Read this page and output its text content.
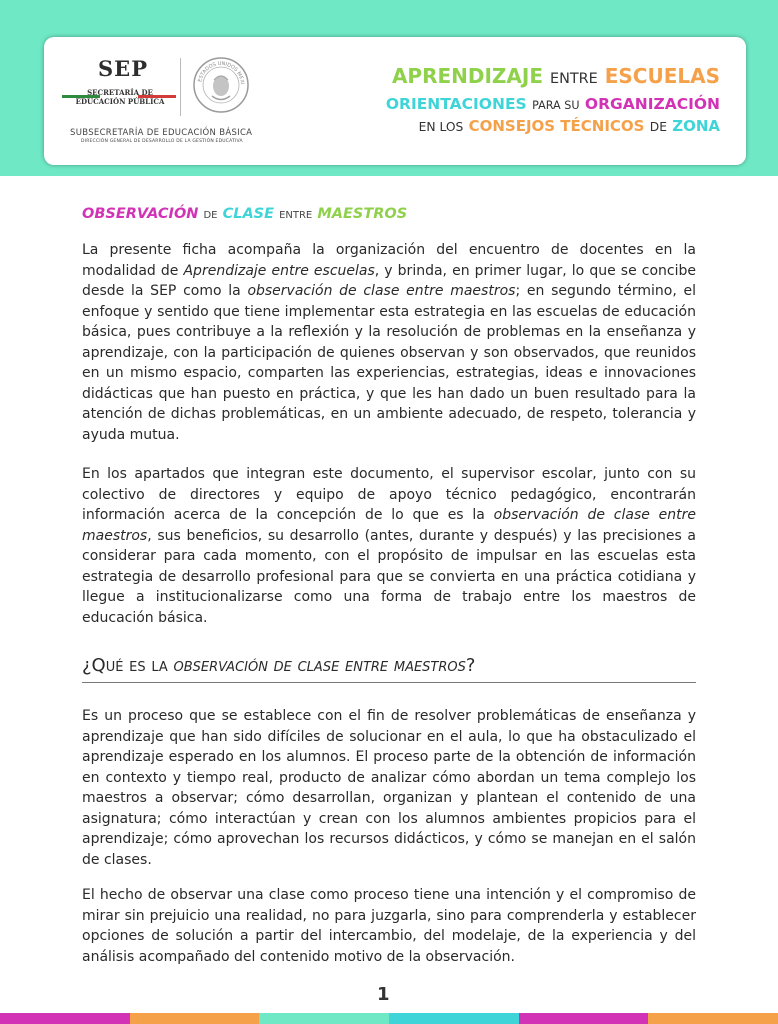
SEP
SECRETARÍA DE
EDUCACIÓN PÚBLICA
ESTADOS UNIDOS MEXI
SUBSECRETARÍA DE EDUCACIÓN BÁSICA
DIRECCIÓN GENERAL DE DESARROLLO DE LA GESTIÓN EDUCATIVA
APRENDIZAJE ENTRE ESCUELAS
ORIENTACIONES PARA SU ORGANIZACIÓN
EN LOS CONSEJOS TÉCNICOS DE ZONA
OBSERVACIÓN DE CLASE ENTRE MAESTROS

La presente ficha acompaña la organización del encuentro de docentes en la modalidad de Aprendizaje entre escuelas, y brinda, en primer lugar, lo que se concibe desde la SEP como la observación de clase entre maestros; en segundo término, el enfoque y sentido que tiene implementar esta estrategia en las escuelas de educación básica, pues contribuye a la reflexión y la resolución de problemas en la enseñanza y aprendizaje, con la participación de quienes observan y son observados, que reunidos en un mismo espacio, comparten las experiencias, estrategias, ideas e innovaciones didácticas que han puesto en práctica, y que les han dado un buen resultado para la atención de dichas problemáticas, en un ambiente adecuado, de respeto, tolerancia y ayuda mutua.

En los apartados que integran este documento, el supervisor escolar, junto con su colectivo de directores y equipo de apoyo técnico pedagógico, encontrarán información acerca de la concepción de lo que es la observación de clase entre maestros, sus beneficios, su desarrollo (antes, durante y después) y las precisiones a considerar para cada momento, con el propósito de impulsar en las escuelas esta estrategia de desarrollo profesional para que se convierta en una práctica cotidiana y llegue a institucionalizarse como una forma de trabajo entre los maestros de educación básica.

¿Qué es la observación de clase entre maestros?

Es un proceso que se establece con el fin de resolver problemáticas de enseñanza y aprendizaje que han sido difíciles de solucionar en el aula, lo que ha obstaculizado el aprendizaje esperado en los alumnos. El proceso parte de la obtención de información en contexto y tiempo real, producto de analizar cómo abordan un tema complejo los maestros a observar; cómo desarrollan, organizan y plantean el contenido de una asignatura; cómo interactúan y crean con los alumnos ambientes propicios para el aprendizaje; cómo aprovechan los recursos didácticos, y cómo se manejan en el salón de clases.

El hecho de observar una clase como proceso tiene una intención y el compromiso de mirar sin prejuicio una realidad, no para juzgarla, sino para comprenderla y establecer opciones de solución a partir del intercambio, del modelaje, de la experiencia y del análisis acompañado del contenido motivo de la observación.

1
